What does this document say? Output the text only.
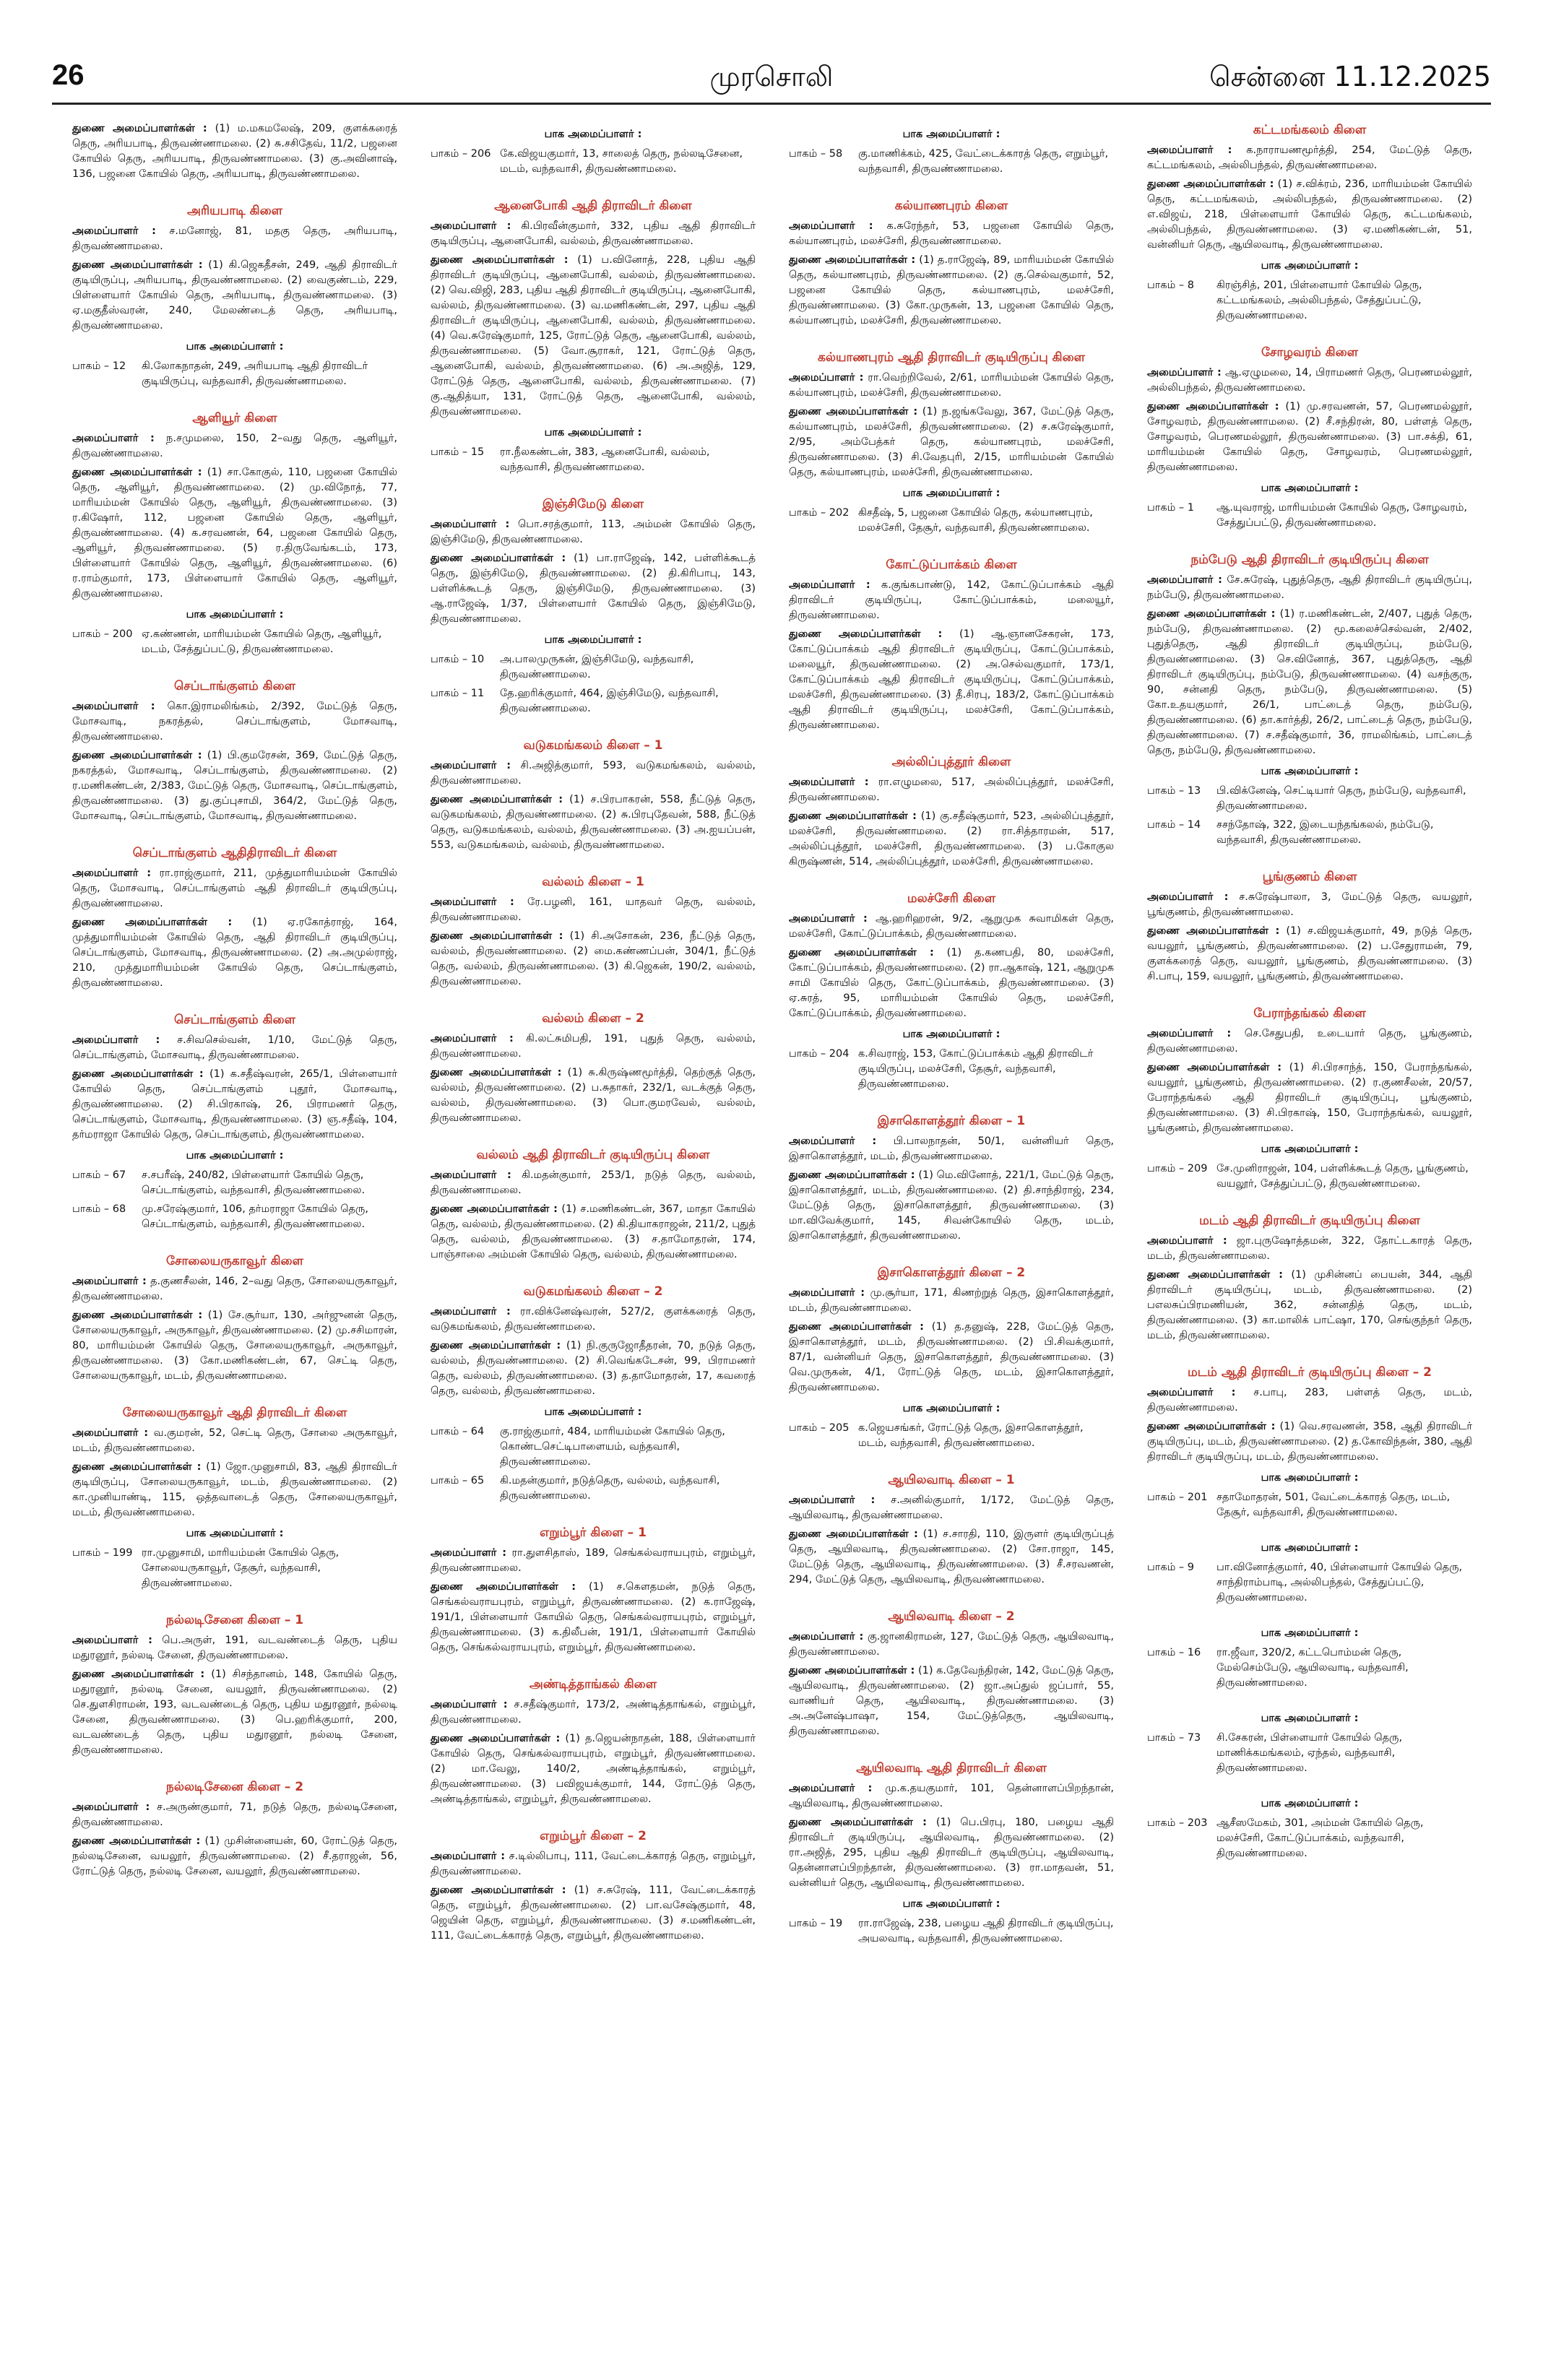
26	முரசொலி	சென்னை 11.12.2025

துணை அமைப்பாளர்கள் : (1) ம.மகமலேஷ், 209, குளக்கரைத் தெரு, அரியபாடி, திருவண்ணாமலை. (2) சு.சசிதேவ், 11/2, பஜனை கோயில் தெரு, அரியபாடி, திருவண்ணாமலை. (3) கு.அவினாஷ், 136, பஜனை கோயில் தெரு, அரியபாடி, திருவண்ணாமலை.

அரியபாடி கிளை

அமைப்பாளர் : ச.மனோஜ், 81, மதகு தெரு, அரியபாடி, திருவண்ணாமலை.

துணை அமைப்பாளர்கள் : (1) கி.ஜெகதீசன், 249, ஆதி திராவிடர் குடியிருப்பு, அரியபாடி, திருவண்ணாமலை. (2) வைகுண்டம், 229, பிள்ளையார் கோயில் தெரு, அரியபாடி, திருவண்ணாமலை. (3) ஏ.மகுதீஸ்வரன், 240, மேலண்டைத் தெரு, அரியபாடி, திருவண்ணாமலை.

பாக அமைப்பாளர் :
பாகம் – 12	கி.லோகநாதன், 249, அரியபாடி ஆதி திராவிடர் குடியிருப்பு, வந்தவாசி, திருவண்ணாமலை.
ஆளியூர் கிளை

அமைப்பாளர் : ந.சமுமலை, 150, 2–வது தெரு, ஆளியூர், திருவண்ணாமலை.

துணை அமைப்பாளர்கள் : (1) சா.கோகுல், 110, பஜனை கோயில் தெரு, ஆளியூர், திருவண்ணாமலை. (2) மு.விநோத், 77, மாரியம்மன் கோயில் தெரு, ஆளியூர், திருவண்ணாமலை. (3) ர.கிஷோர், 112, பஜனை கோயில் தெரு, ஆளியூர், திருவண்ணாமலை. (4) க.சரவணன், 64, பஜனை கோயில் தெரு, ஆளியூர், திருவண்ணாமலை. (5) ர.திருவேங்கடம், 173, பிள்ளையார் கோயில் தெரு, ஆளியூர், திருவண்ணாமலை. (6) ர.ராம்குமார், 173, பிள்ளையார் கோயில் தெரு, ஆளியூர், திருவண்ணாமலை.

பாக அமைப்பாளர் :
பாகம் – 200 ஏ.கண்ணன், மாரியம்மன் கோயில் தெரு, ஆளியூர், மடம், சேத்துப்பட்டு, திருவண்ணாமலை.
செப்டாங்குளம் கிளை

அமைப்பாளர் : கொ.இராமலிங்கம், 2/392, மேட்டுத் தெரு, மோசவாடி, நகரத்தல், செப்டாங்குளம், மோசவாடி, திருவண்ணாமலை.

துணை அமைப்பாளர்கள் : (1) பி.குமரேசன், 369, மேட்டுத் தெரு, நகரத்தல், மோசவாடி, செப்டாங்குளம், திருவண்ணாமலை. (2) ர.மணிகண்டன், 2/383, மேட்டுத் தெரு, மோசவாடி, செப்டாங்குளம், திருவண்ணாமலை. (3) து.குப்புசாமி, 364/2, மேட்டுத் தெரு, மோசவாடி, செப்டாங்குளம், மோசவாடி, திருவண்ணாமலை.

செப்டாங்குளம் ஆதிதிராவிடர் கிளை

அமைப்பாளர் : ரா.ராஜ்குமார், 211, முத்துமாரியம்மன் கோயில் தெரு, மோசவாடி, செப்டாங்குளம் ஆதி திராவிடர் குடியிருப்பு, திருவண்ணாமலை.

துணை அமைப்பாளர்கள் : (1) ஏ.ரகோத்ராஜ், 164, முத்துமாரியம்மன் கோயில் தெரு, ஆதி திராவிடர் குடியிருப்பு, செப்டாங்குளம், மோசவாடி, திருவண்ணாமலை. (2) அ.அமுல்ராஜ், 210, முத்துமாரியம்மன் கோயில் தெரு, செப்டாங்குளம், திருவண்ணாமலை.

செப்டாங்குளம் கிளை

அமைப்பாளர் : ச.சிவசெல்வன், 1/10, மேட்டுத் தெரு, செப்டாங்குளம், மோசவாடி, திருவண்ணாமலை.

துணை அமைப்பாளர்கள் : (1) க.சதீஷ்வரன், 265/1, பிள்ளையார் கோயில் தெரு, செப்டாங்குளம் புதூர், மோசவாடி, திருவண்ணாமலை. (2) சி.பிரகாஷ், 26, பிராமணர் தெரு, செப்டாங்குளம், மோசவாடி, திருவண்ணாமலை. (3) ஞ.சதீஷ், 104, தர்மராஜா கோயில் தெரு, செப்டாங்குளம், திருவண்ணாமலை.

பாக அமைப்பாளர் :
பாகம் – 67	ச.சபரீஷ், 240/82, பிள்ளையார் கோயில் தெரு, செப்டாங்குளம், வந்தவாசி, திருவண்ணாமலை.
பாகம் – 68	மு.சரேஷ்குமார், 106, தர்மராஜா கோயில் தெரு, செப்டாங்குளம், வந்தவாசி, திருவண்ணாமலை.
சோலையருகாவூர் கிளை

அமைப்பாளர் : த.குணசீலன், 146, 2–வது தெரு, சோலையருகாவூர், திருவண்ணாமலை.

துணை அமைப்பாளர்கள் : (1) சே.சூர்யா, 130, அர்ஜுனன் தெரு, சோலையருகாவூர், அருகாவூர், திருவண்ணாமலை. (2) மு.சசிமாரன், 80, மாரியம்மன் கோயில் தெரு, சோலையருகாவூர், அருகாவூர், திருவண்ணாமலை. (3) கோ.மணிகண்டன், 67, செட்டி தெரு, சோலையருகாவூர், மடம், திருவண்ணாமலை.

சோலையருகாவூர் ஆதி திராவிடர் கிளை

அமைப்பாளர் : வ.குமரன், 52, செட்டி தெரு, சோலை அருகாவூர், மடம், திருவண்ணாமலை.

துணை அமைப்பாளர்கள் : (1) ஜோ.முனுசாமி, 83, ஆதி திராவிடர் குடியிருப்பு, சோலையருகாவூர், மடம், திருவண்ணாமலை. (2) கா.முனியாண்டி, 115, ஒத்தவாடைத் தெரு, சோலையருகாவூர், மடம், திருவண்ணாமலை.

பாக அமைப்பாளர் :
பாகம் – 199 ரா.முனுசாமி, மாரியம்மன் கோயில் தெரு, சோலையருகாவூர், தேசூர், வந்தவாசி, திருவண்ணாமலை.
நல்லடிசேனை கிளை – 1

அமைப்பாளர் : பெ.அருள், 191, வடவண்டைத் தெரு, புதிய மதுரனூர், நல்லடி சேனை, திருவண்ணாமலை.

துணை அமைப்பாளர்கள் : (1) சிசந்தானம், 148, கோயில் தெரு, மதுரனூர், நல்லடி சேனை, வயலூர், திருவண்ணாமலை. (2) செ.துளசிராமன், 193, வடவண்டைத் தெரு, புதிய மதுரனூர், நல்லடி சேனை, திருவண்ணாமலை. (3) பெ.ஹரிக்குமார், 200, வடவண்டைத் தெரு, புதிய மதுரனூர், நல்லடி சேனை, திருவண்ணாமலை.

நல்லடிசேனை கிளை – 2

அமைப்பாளர் : ச.அருண்குமார், 71, நடுத் தெரு, நல்லடிசேனை, திருவண்ணாமலை.

துணை அமைப்பாளர்கள் : (1) முசின்னையன், 60, ரோட்டுத் தெரு, நல்லடிசேனை, வயலூர், திருவண்ணாமலை. (2) சீ.தராஜன், 56, ரோட்டுத் தெரு, நல்லடி சேனை, வயலூர், திருவண்ணாமலை.

பாக அமைப்பாளர் :
பாகம் – 206 கே.விஜயகுமார், 13, சாலைத் தெரு, நல்லடிசேனை, மடம், வந்தவாசி, திருவண்ணாமலை.
ஆனைபோகி ஆதி திராவிடர் கிளை

அமைப்பாளர் : கி.பிரவீன்குமார், 332, புதிய ஆதி திராவிடர் குடியிருப்பு, ஆனைபோகி, வல்லம், திருவண்ணாமலை.

துணை அமைப்பாளர்கள் : (1) ப.வினோத், 228, புதிய ஆதி திராவிடர் குடியிருப்பு, ஆனைபோகி, வல்லம், திருவண்ணாமலை. (2) வெ.விஜி, 283, புதிய ஆதி திராவிடர் குடியிருப்பு, ஆனைபோகி, வல்லம், திருவண்ணாமலை. (3) வ.மணிகண்டன், 297, புதிய ஆதி திராவிடர் குடியிருப்பு, ஆனைபோகி, வல்லம், திருவண்ணாமலை. (4) வெ.சுரேஷ்குமார், 125, ரோட்டுத் தெரு, ஆனைபோகி, வல்லம், திருவண்ணாமலை. (5) வோ.சூராகர், 121, ரோட்டுத் தெரு, ஆனைபோகி, வல்லம், திருவண்ணாமலை. (6) அ.அஜித், 129, ரோட்டுத் தெரு, ஆனைபோகி, வல்லம், திருவண்ணாமலை. (7) கு.ஆதித்யா, 131, ரோட்டுத் தெரு, ஆனைபோகி, வல்லம், திருவண்ணாமலை.

பாக அமைப்பாளர் :
பாகம் – 15	ரா.நீலகண்டன், 383, ஆனைபோகி, வல்லம், வந்தவாசி, திருவண்ணாமலை.
இஞ்சிமேடு கிளை

அமைப்பாளர் : பொ.சரத்குமார், 113, அம்மன் கோயில் தெரு, இஞ்சிமேடு, திருவண்ணாமலை.

துணை அமைப்பாளர்கள் : (1) பா.ராஜேஷ், 142, பள்ளிக்கூடத் தெரு, இஞ்சிமேடு, திருவண்ணாமலை. (2) தி.கிரிபாபு, 143, பள்ளிக்கூடத் தெரு, இஞ்சிமேடு, திருவண்ணாமலை. (3) ஆ.ராஜேஷ், 1/37, பிள்ளையார் கோயில் தெரு, இஞ்சிமேடு, திருவண்ணாமலை.

பாக அமைப்பாளர் :
பாகம் – 10	அ.பாலமுருகன், இஞ்சிமேடு, வந்தவாசி, திருவண்ணாமலை.
பாகம் – 11	தே.ஹரிக்குமார், 464, இஞ்சிமேடு, வந்தவாசி, திருவண்ணாமலை.
வடுகமங்கலம் கிளை – 1

அமைப்பாளர் : சி.அஜித்குமார், 593, வடுகமங்கலம், வல்லம், திருவண்ணாமலை.

துணை அமைப்பாளர்கள் : (1) ச.பிரபாகரன், 558, நீட்டுத் தெரு, வடுகமங்கலம், திருவண்ணாமலை. (2) சு.பிரபுதேவன், 588, நீட்டுத் தெரு, வடுகமங்கலம், வல்லம், திருவண்ணாமலை. (3) அ.ஐயப்பன், 553, வடுகமங்கலம், வல்லம், திருவண்ணாமலை.

வல்லம் கிளை – 1

அமைப்பாளர் : ரே.பழனி, 161, யாதவர் தெரு, வல்லம், திருவண்ணாமலை.

துணை அமைப்பாளர்கள் : (1) சி.அசோகன், 236, நீட்டுத் தெரு, வல்லம், திருவண்ணாமலை. (2) மை.கண்ணப்பன், 304/1, நீட்டுத் தெரு, வல்லம், திருவண்ணாமலை. (3) கி.ஜெகன், 190/2, வல்லம், திருவண்ணாமலை.

வல்லம் கிளை – 2

அமைப்பாளர் : கி.லட்சுமிபதி, 191, புதுத் தெரு, வல்லம், திருவண்ணாமலை.

துணை அமைப்பாளர்கள் : (1) சு.கிருஷ்ணமூர்த்தி, தெற்குத் தெரு, வல்லம், திருவண்ணாமலை. (2) ப.சுதாகர், 232/1, வடக்குத் தெரு, வல்லம், திருவண்ணாமலை. (3) பொ.குமரவேல், வல்லம், திருவண்ணாமலை.

வல்லம் ஆதி திராவிடர் குடியிருப்பு கிளை

அமைப்பாளர் : கி.மதன்குமார், 253/1, நடுத் தெரு, வல்லம், திருவண்ணாமலை.

துணை அமைப்பாளர்கள் : (1) ச.மணிகண்டன், 367, மாதா கோயில் தெரு, வல்லம், திருவண்ணாமலை. (2) கி.தியாகராஜன், 211/2, புதுத் தெரு, வல்லம், திருவண்ணாமலை. (3) ச.தாமோதரன், 174, பாஞ்சாலை அம்மன் கோயில் தெரு, வல்லம், திருவண்ணாமலை.

வடுகமங்கலம் கிளை – 2

அமைப்பாளர் : ரா.விக்னேஷ்வரன், 527/2, குளக்கரைத் தெரு, வடுகமங்கலம், திருவண்ணாமலை.

துணை அமைப்பாளர்கள் : (1) நி.குருஜோதீதரன், 70, நடுத் தெரு, வல்லம், திருவண்ணாமலை. (2) சி.வெங்கடேசன், 99, பிராமணர் தெரு, வல்லம், திருவண்ணாமலை. (3) த.தாமோதரன், 17, கவரைத் தெரு, வல்லம், திருவண்ணாமலை.

பாக அமைப்பாளர் :
பாகம் – 64	கு.ராஜ்குமார், 484, மாரியம்மன் கோயில் தெரு, கொண்டசெட்டிபாளையம், வந்தவாசி, திருவண்ணாமலை.
பாகம் – 65	கி.மதன்குமார், நடுத்தெரு, வல்லம், வந்தவாசி, திருவண்ணாமலை.
எறும்பூர் கிளை – 1

அமைப்பாளர் : ரா.துளசிதாஸ், 189, செங்கல்வராயபுரம், எறும்பூர், திருவண்ணாமலை.

துணை அமைப்பாளர்கள் : (1) ச.கௌதமன், நடுத் தெரு, செங்கல்வராயபுரம், எறும்பூர், திருவண்ணாமலை. (2) க.ராஜேஷ், 191/1, பிள்ளையார் கோயில் தெரு, செங்கல்வராயபுரம், எறும்பூர், திருவண்ணாமலை. (3) க.திலீபன், 191/1, பிள்ளையார் கோயில் தெரு, செங்கல்வராயபுரம், எறும்பூர், திருவண்ணாமலை.

அண்டித்தாங்கல் கிளை

அமைப்பாளர் : ச.சதீஷ்குமார், 173/2, அண்டித்தாங்கல், எறும்பூர், திருவண்ணாமலை.

துணை அமைப்பாளர்கள் : (1) த.ஜெயன்நாதன், 188, பிள்ளையார் கோயில் தெரு, செங்கல்வராயபுரம், எறும்பூர், திருவண்ணாமலை. (2) மா.வேலு, 140/2, அண்டித்தாங்கல், எறும்பூர், திருவண்ணாமலை. (3) பவிஜயக்குமார், 144, ரோட்டுத் தெரு, அண்டித்தாங்கல், எறும்பூர், திருவண்ணாமலை.

எறும்பூர் கிளை – 2

அமைப்பாளர் : ச.டில்லிபாபு, 111, வேட்டைக்காரத் தெரு, எறும்பூர், திருவண்ணாமலை.

துணை அமைப்பாளர்கள் : (1) ச.சுரேஷ், 111, வேட்டைக்காரத் தெரு, எறும்பூர், திருவண்ணாமலை. (2) பா.வசேஷ்குமார், 48, ஜெயின் தெரு, எறும்பூர், திருவண்ணாமலை. (3) ச.மணிகண்டன், 111, வேட்டைக்காரத் தெரு, எறும்பூர், திருவண்ணாமலை.

பாக அமைப்பாளர் :
பாகம் – 58	கு.மாணிக்கம், 425, வேட்டைக்காரத் தெரு, எறும்பூர், வந்தவாசி, திருவண்ணாமலை.
கல்யாணபுரம் கிளை

அமைப்பாளர் : க.சுரேந்தர், 53, பஜனை கோயில் தெரு, கல்யாணபுரம், மலச்சேரி, திருவண்ணாமலை.

துணை அமைப்பாளர்கள் : (1) த.ராஜேஷ், 89, மாரியம்மன் கோயில் தெரு, கல்யாணபுரம், திருவண்ணாமலை. (2) கு.செல்வகுமார், 52, பஜனை கோயில் தெரு, கல்யாணபுரம், மலச்சேரி, திருவண்ணாமலை. (3) கோ.முருகன், 13, பஜனை கோயில் தெரு, கல்யாணபுரம், மலச்சேரி, திருவண்ணாமலை.

கல்யாணபுரம் ஆதி திராவிடர் குடியிருப்பு கிளை

அமைப்பாளர் : ரா.வெற்றிவேல், 2/61, மாரியம்மன் கோயில் தெரு, கல்யாணபுரம், மலச்சேரி, திருவண்ணாமலை.

துணை அமைப்பாளர்கள் : (1) ந.ஜங்கவேலு, 367, மேட்டுத் தெரு, கல்யாணபுரம், மலச்சேரி, திருவண்ணாமலை. (2) ச.சுரேஷ்குமார், 2/95, அம்பேத்கர் தெரு, கல்யாணபுரம், மலச்சேரி, திருவண்ணாமலை. (3) சி.வேதபுரி, 2/15, மாரியம்மன் கோயில் தெரு, கல்யாணபுரம், மலச்சேரி, திருவண்ணாமலை.

பாக அமைப்பாளர் :
பாகம் – 202 கிசதீஷ், 5, பஜனை கோயில் தெரு, கல்யாணபுரம், மலச்சேரி, தேசூர், வந்தவாசி, திருவண்ணாமலை.
கோட்டுப்பாக்கம் கிளை

அமைப்பாளர் : க.குங்கபாண்டு, 142, கோட்டுப்பாக்கம் ஆதி திராவிடர் குடியிருப்பு, கோட்டுப்பாக்கம், மலையூர், திருவண்ணாமலை.

துணை அமைப்பாளர்கள் : (1) ஆ.ஞானசேகரன், 173, கோட்டுப்பாக்கம் ஆதி திராவிடர் குடியிருப்பு, கோட்டுப்பாக்கம், மலையூர், திருவண்ணாமலை. (2) அ.செல்வகுமார், 173/1, கோட்டுப்பாக்கம் ஆதி திராவிடர் குடியிருப்பு, கோட்டுப்பாக்கம், மலச்சேரி, திருவண்ணாமலை. (3) தீ.சிரபு, 183/2, கோட்டுப்பாக்கம் ஆதி திராவிடர் குடியிருப்பு, மலச்சேரி, கோட்டுப்பாக்கம், திருவண்ணாமலை.

அல்லிப்புத்தூர் கிளை

அமைப்பாளர் : ரா.எழுமலை, 517, அல்லிப்புத்தூர், மலச்சேரி, திருவண்ணாமலை.

துணை அமைப்பாளர்கள் : (1) கு.சதீஷ்குமார், 523, அல்லிப்புத்தூர், மலச்சேரி, திருவண்ணாமலை. (2) ரா.சித்தாரமன், 517, அல்லிப்புத்தூர், மலச்சேரி, திருவண்ணாமலை. (3) ப.கோகுல கிருஷ்ணன், 514, அல்லிப்புத்தூர், மலச்சேரி, திருவண்ணாமலை.

மலச்சேரி கிளை

அமைப்பாளர் : ஆ.ஹரிஹரன், 9/2, ஆறுமுக சுவாமிகள் தெரு, மலச்சேரி, கோட்டுப்பாக்கம், திருவண்ணாமலை.

துணை அமைப்பாளர்கள் : (1) த.கணபதி, 80, மலச்சேரி, கோட்டுப்பாக்கம், திருவண்ணாமலை. (2) ரா.ஆகாஷ், 121, ஆறுமுக சாமி கோயில் தெரு, கோட்டுப்பாக்கம், திருவண்ணாமலை. (3) ஏ.சுரத், 95, மாரியம்மன் கோயில் தெரு, மலச்சேரி, கோட்டுப்பாக்கம், திருவண்ணாமலை.

பாக அமைப்பாளர் :
பாகம் – 204 க.சிவராஜ், 153, கோட்டுப்பாக்கம் ஆதி திராவிடர் குடியிருப்பு, மலச்சேரி, தேசூர், வந்தவாசி, திருவண்ணாமலை.
இசாகொளத்தூர் கிளை – 1

அமைப்பாளர் : பி.பாலநாதன், 50/1, வன்னியர் தெரு, இசாகொளத்தூர், மடம், திருவண்ணாமலை.

துணை அமைப்பாளர்கள் : (1) மெ.வினோத், 221/1, மேட்டுத் தெரு, இசாகொளத்தூர், மடம், திருவண்ணாமலை. (2) தி.சாந்திராஜ், 234, மேட்டுத் தெரு, இசாகொளத்தூர், திருவண்ணாமலை. (3) மா.விவேக்குமார், 145, சிவன்கோயில் தெரு, மடம், இசாகொளத்தூர், திருவண்ணாமலை.

இசாகொளத்தூர் கிளை – 2

அமைப்பாளர் : மு.சூர்யா, 171, கிணற்றுத் தெரு, இசாகொளத்தூர், மடம், திருவண்ணாமலை.

துணை அமைப்பாளர்கள் : (1) த.தனுஷ், 228, மேட்டுத் தெரு, இசாகொளத்தூர், மடம், திருவண்ணாமலை. (2) பி.சிவக்குமார், 87/1, வன்னியர் தெரு, இசாகொளத்தூர், திருவண்ணாமலை. (3) வெ.முருகன், 4/1, ரோட்டுத் தெரு, மடம், இசாகொளத்தூர், திருவண்ணாமலை.

பாக அமைப்பாளர் :
பாகம் – 205 க.ஜெயசங்கர், ரோட்டுத் தெரு, இசாகொளத்தூர், மடம், வந்தவாசி, திருவண்ணாமலை.
ஆயிலவாடி கிளை – 1

அமைப்பாளர் : ச.அனில்குமார், 1/172, மேட்டுத் தெரு, ஆயிலவாடி, திருவண்ணாமலை.

துணை அமைப்பாளர்கள் : (1) ச.சாரதி, 110, இருளர் குடியிருப்புத் தெரு, ஆயிலவாடி, திருவண்ணாமலை. (2) சோ.ராஜா, 145, மேட்டுத் தெரு, ஆயிலவாடி, திருவண்ணாமலை. (3) சீ.சரவணன், 294, மேட்டுத் தெரு, ஆயிலவாடி, திருவண்ணாமலை.

ஆயிலவாடி கிளை – 2

அமைப்பாளர் : கு.ஜானகிராமன், 127, மேட்டுத் தெரு, ஆயிலவாடி, திருவண்ணாமலை.

துணை அமைப்பாளர்கள் : (1) க.தேவேந்திரன், 142, மேட்டுத் தெரு, ஆயிலவாடி, திருவண்ணாமலை. (2) ஜா.அப்துல் ஜப்பார், 55, வாணியர் தெரு, ஆயிலவாடி, திருவண்ணாமலை. (3) அ.அனேஷ்பாஷா, 154, மேட்டுத்தெரு, ஆயிலவாடி, திருவண்ணாமலை.

ஆயிலவாடி ஆதி திராவிடர் கிளை

அமைப்பாளர் : மு.க.தயகுமார், 101, தென்னாளப்பிறந்தான், ஆயிலவாடி, திருவண்ணாமலை.

துணை அமைப்பாளர்கள் : (1) பெ.பிரபு, 180, பழைய ஆதி திராவிடர் குடியிருப்பு, ஆயிலவாடி, திருவண்ணாமலை. (2) ரா.அஜித், 295, புதிய ஆதி திராவிடர் குடியிருப்பு, ஆயிலவாடி, தென்னாளப்பிறந்தான், திருவண்ணாமலை. (3) ரா.மாதவன், 51, வன்னியர் தெரு, ஆயிலவாடி, திருவண்ணாமலை.

பாக அமைப்பாளர் :
பாகம் – 19	ரா.ராஜேஷ், 238, பழைய ஆதி திராவிடர் குடியிருப்பு, அயலவாடி, வந்தவாசி, திருவண்ணாமலை.
கட்டமங்கலம் கிளை

அமைப்பாளர் : க.நாராயணமூர்த்தி, 254, மேட்டுத் தெரு, கட்டமங்கலம், அல்லிபந்தல், திருவண்ணாமலை.

துணை அமைப்பாளர்கள் : (1) ச.விக்ரம், 236, மாரியம்மன் கோயில் தெரு, கட்டமங்கலம், அல்லிபந்தல், திருவண்ணாமலை. (2) எ.விஜய், 218, பிள்ளையார் கோயில் தெரு, கட்டமங்கலம், அல்லிபந்தல், திருவண்ணாமலை. (3) ஏ.மணிகண்டன், 51, வன்னியர் தெரு, ஆயிலவாடி, திருவண்ணாமலை.

பாக அமைப்பாளர் :
பாகம் – 8	கிரஞ்சித், 201, பிள்ளையார் கோயில் தெரு, கட்டமங்கலம், அல்லிபந்தல், சேத்துப்பட்டு, திருவண்ணாமலை.
சோழவரம் கிளை

அமைப்பாளர் : ஆ.ஏழுமலை, 14, பிராமணர் தெரு, பெரணமல்லூர், அல்லிபந்தல், திருவண்ணாமலை.

துணை அமைப்பாளர்கள் : (1) மு.சரவணன், 57, பெரணமல்லூர், சோழவரம், திருவண்ணாமலை. (2) சீ.சந்திரன், 80, பள்ளத் தெரு, சோழவரம், பெரணமல்லூர், திருவண்ணாமலை. (3) பா.சக்தி, 61, மாரியம்மன் கோயில் தெரு, சோழவரம், பெரணமல்லூர், திருவண்ணாமலை.

பாக அமைப்பாளர் :
பாகம் – 1	ஆ.யுவராஜ், மாரியம்மன் கோயில் தெரு, சோழவரம், சேத்துப்பட்டு, திருவண்ணாமலை.
நம்பேடு ஆதி திராவிடர் குடியிருப்பு கிளை

அமைப்பாளர் : சே.சுரேஷ், புதுத்தெரு, ஆதி திராவிடர் குடியிருப்பு, நம்பேடு, திருவண்ணாமலை.

துணை அமைப்பாளர்கள் : (1) ர.மணிகண்டன், 2/407, புதுத் தெரு, நம்பேடு, திருவண்ணாமலை. (2) மூ.கலைச்செல்வன், 2/402, புதுத்தெரு, ஆதி திராவிடர் குடியிருப்பு, நம்பேடு, திருவண்ணாமலை. (3) செ.வினோத், 367, புதுத்தெரு, ஆதி திராவிடர் குடியிருப்பு, நம்பேடு, திருவண்ணாமலை. (4) வசந்குரு, 90, சன்னதி தெரு, நம்பேடு, திருவண்ணாமலை. (5) கோ.உதயகுமார், 26/1, பாட்டைத் தெரு, நம்பேடு, திருவண்ணாமலை. (6) தா.கார்த்தி, 26/2, பாட்டைத் தெரு, நம்பேடு, திருவண்ணாமலை. (7) ச.சதீஷ்குமார், 36, ராமலிங்கம், பாட்டைத் தெரு, நம்பேடு, திருவண்ணாமலை.

பாக அமைப்பாளர் :
பாகம் – 13	பி.விக்னேஷ், செட்டியார் தெரு, நம்பேடு, வந்தவாசி, திருவண்ணாமலை.
பாகம் – 14	சசந்தோஷ், 322, இடையந்தங்கலல், நம்பேடு, வந்தவாசி, திருவண்ணாமலை.
பூங்குணம் கிளை

அமைப்பாளர் : ச.சுரேஷ்பாலா, 3, மேட்டுத் தெரு, வயலூர், பூங்குணம், திருவண்ணாமலை.

துணை அமைப்பாளர்கள் : (1) ச.விஜயக்குமார், 49, நடுத் தெரு, வயலூர், பூங்குணம், திருவண்ணாமலை. (2) ப.சேதுராமன், 79, குளக்கரைத் தெரு, வயலூர், பூங்குணம், திருவண்ணாமலை. (3) சி.பாபு, 159, வயலூர், பூங்குணம், திருவண்ணாமலை.

பேராந்தங்கல் கிளை

அமைப்பாளர் : செ.சேதுபதி, உடையார் தெரு, பூங்குணம், திருவண்ணாமலை.

துணை அமைப்பாளர்கள் : (1) சி.பிரசாந்த், 150, பேராந்தங்கல், வயலூர், பூங்குணம், திருவண்ணாமலை. (2) ர.குணசீலன், 20/57, பேராந்தங்கல் ஆதி திராவிடர் குடியிருப்பு, பூங்குணம், திருவண்ணாமலை. (3) சி.பிரகாஷ், 150, பேராந்தங்கல், வயலூர், பூங்குணம், திருவண்ணாமலை.

பாக அமைப்பாளர் :
பாகம் – 209 சே.முனிராஜன், 104, பள்ளிக்கூடத் தெரு, பூங்குணம், வயலூர், சேத்துப்பட்டு, திருவண்ணாமலை.
மடம் ஆதி திராவிடர் குடியிருப்பு கிளை

அமைப்பாளர் : ஜா.புருஷோத்தமன், 322, தோட்டகாரத் தெரு, மடம், திருவண்ணாமலை.

துணை அமைப்பாளர்கள் : (1) முசின்னப் பையன், 344, ஆதி திராவிடர் குடியிருப்பு, மடம், திருவண்ணாமலை. (2) பஎலசுப்பிரமணியன், 362, சன்னதித் தெரு, மடம், திருவண்ணாமலை. (3) கா.மாலிக் பாட்ஷா, 170, செங்குந்தர் தெரு, மடம், திருவண்ணாமலை.

மடம் ஆதி திராவிடர் குடியிருப்பு கிளை – 2

அமைப்பாளர் : ச.பாபு, 283, பள்ளத் தெரு, மடம், திருவண்ணாமலை.

துணை அமைப்பாளர்கள் : (1) வெ.சரவணன், 358, ஆதி திராவிடர் குடியிருப்பு, மடம், திருவண்ணாமலை. (2) த.கோவிந்தன், 380, ஆதி திராவிடர் குடியிருப்பு, மடம், திருவண்ணாமலை.

பாக அமைப்பாளர் :
பாகம் – 201 சதாமோதரன், 501, வேட்டைக்காரத் தெரு, மடம், தேசூர், வந்தவாசி, திருவண்ணாமலை.
பாக அமைப்பாளர் :
பாகம் – 9	பா.வினோத்குமார், 40, பிள்ளையார் கோயில் தெரு, சாந்திராம்பாடி, அல்லிபந்தல், சேத்துப்பட்டு, திருவண்ணாமலை.
பாக அமைப்பாளர் :
பாகம் – 16	ரா.ஜீவா, 320/2, கட்டபொம்மன் தெரு, மேல்செம்பேடு, ஆயிலவாடி, வந்தவாசி, திருவண்ணாமலை.
பாக அமைப்பாளர் :
பாகம் – 73	சி.சேகரன், பிள்ளையார் கோயில் தெரு, மாணிக்கமங்கலம், ஏந்தல், வந்தவாசி, திருவண்ணாமலை.
பாக அமைப்பாளர் :
பாகம் – 203 ஆசீஸமேகம், 301, அம்மன் கோயில் தெரு, மலச்சேரி, கோட்டுப்பாக்கம், வந்தவாசி, திருவண்ணாமலை.
